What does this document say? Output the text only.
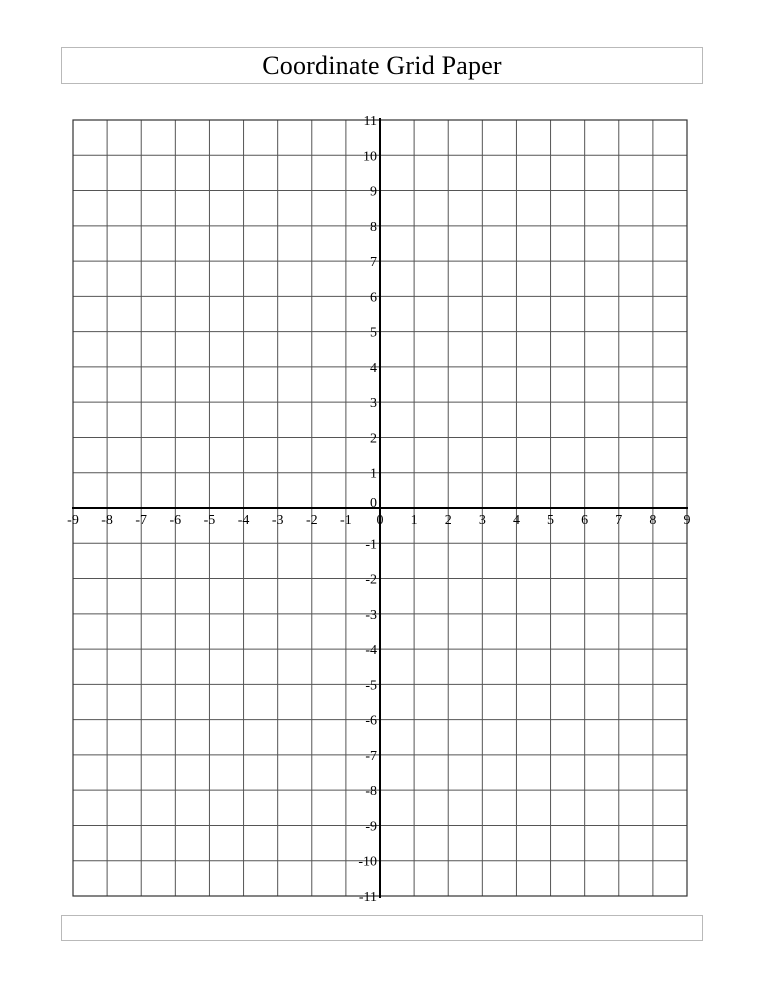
Coordinate Grid Paper
-9 -8 -7 -6 -5 -4 -3 -2 -1 0 1 2 3 4 5 6 7 8 9
11
10
9
8
7
6
5
4
3
2
1
-1
-2
-3
-4
-5
-6
-7
-8
-9
-10
-11
0
